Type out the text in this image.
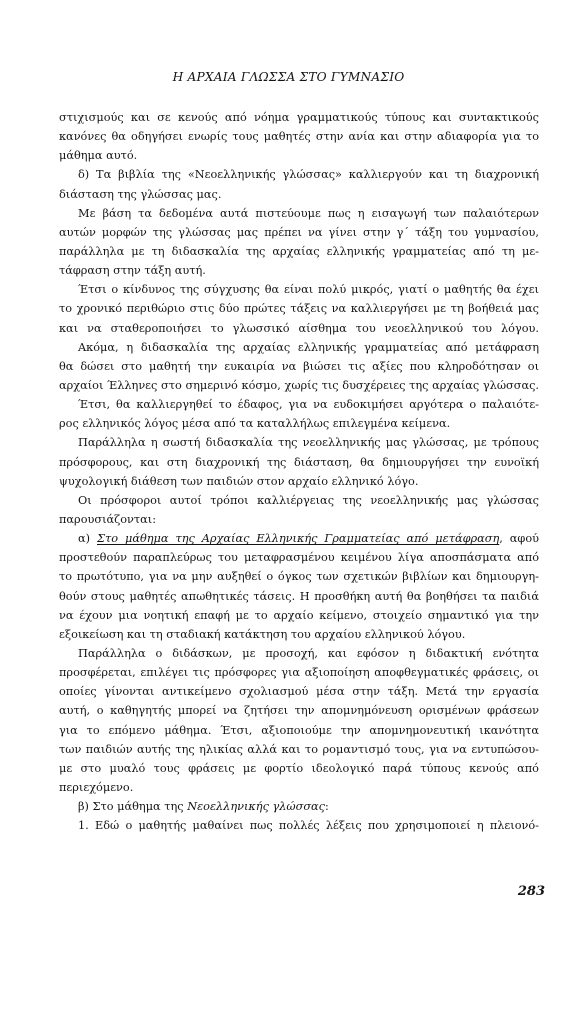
Η ΑΡΧΑΙΑ ΓΛΩΣΣΑ ΣΤΟ ΓΥΜΝΑΣΙΟ
στιχισμούς και σε κενούς από νόημα γραμματικούς τύπους και συντακτικούς
κανόνες θα οδηγήσει ενωρίς τους μαθητές στην ανία και στην αδιαφορία για το
μάθημα αυτό.
δ) Τα βιβλία της «Νεοελληνικής γλώσσας» καλλιεργούν και τη διαχρονική
διάσταση της γλώσσας μας.
Με βάση τα δεδομένα αυτά πιστεύουμε πως η εισαγωγή των παλαιότερων
αυτών μορφών της γλώσσας μας πρέπει να γίνει στην γ΄ τάξη του γυμνασίου,
παράλληλα με τη διδασκαλία της αρχαίας ελληνικής γραμματείας από τη με-
τάφραση στην τάξη αυτή.
Έτσι ο κίνδυνος της σύγχυσης θα είναι πολύ μικρός, γιατί ο μαθητής θα έχει
το χρονικό περιθώριο στις δύο πρώτες τάξεις να καλλιεργήσει με τη βοήθειά μας
και να σταθεροποιήσει το γλωσσικό αίσθημα του νεοελληνικού του λόγου.
Ακόμα, η διδασκαλία της αρχαίας ελληνικής γραμματείας από μετάφραση
θα δώσει στο μαθητή την ευκαιρία να βιώσει τις αξίες που κληροδότησαν οι
αρχαίοι Έλληνες στο σημερινό κόσμο, χωρίς τις δυσχέρειες της αρχαίας γλώσσας.
Έτσι, θα καλλιεργηθεί το έδαφος, για να ευδοκιμήσει αργότερα ο παλαιότε-
ρος ελληνικός λόγος μέσα από τα καταλλήλως επιλεγμένα κείμενα.
Παράλληλα η σωστή διδασκαλία της νεοελληνικής μας γλώσσας, με τρόπους
πρόσφορους, και στη διαχρονική της διάσταση, θα δημιουργήσει την ευνοϊκή
ψυχολογική διάθεση των παιδιών στον αρχαίο ελληνικό λόγο.
Οι πρόσφοροι αυτοί τρόποι καλλιέργειας της νεοελληνικής μας γλώσσας
παρουσιάζονται:
α) Στο μάθημα της Αρχαίας Ελληνικής Γραμματείας από μετάφραση, αφού
προστεθούν παραπλεύρως του μεταφρασμένου κειμένου λίγα αποσπάσματα από
το πρωτότυπο, για να μην αυξηθεί ο όγκος των σχετικών βιβλίων και δημιουργη-
θούν στους μαθητές απωθητικές τάσεις. Η προσθήκη αυτή θα βοηθήσει τα παιδιά
να έχουν μια νοητική επαφή με το αρχαίο κείμενο, στοιχείο σημαντικό για την
εξοικείωση και τη σταδιακή κατάκτηση του αρχαίου ελληνικού λόγου.
Παράλληλα ο διδάσκων, με προσοχή, και εφόσον η διδακτική ενότητα
προσφέρεται, επιλέγει τις πρόσφορες για αξιοποίηση αποφθεγματικές φράσεις, οι
οποίες γίνονται αντικείμενο σχολιασμού μέσα στην τάξη. Μετά την εργασία
αυτή, ο καθηγητής μπορεί να ζητήσει την απομνημόνευση ορισμένων φράσεων
για το επόμενο μάθημα. Έτσι, αξιοποιούμε την απομνημονευτική ικανότητα
των παιδιών αυτής της ηλικίας αλλά και το ρομαντισμό τους, για να εντυπώσου-
με στο μυαλό τους φράσεις με φορτίο ιδεολογικό παρά τύπους κενούς από
περιεχόμενο.
β) Στο μάθημα της Νεοελληνικής γλώσσας:
1. Εδώ ο μαθητής μαθαίνει πως πολλές λέξεις που χρησιμοποιεί η πλειονό-
283
